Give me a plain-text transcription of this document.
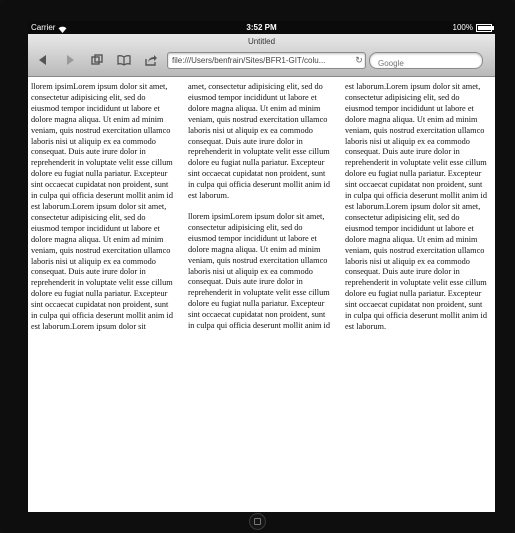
Carrier	3:52 PM	100%
Untitled
file:///Users/benfrain/Sites/BFR1-GIT/colu...	↻
Google

llorem ipsimLorem ipsum dolor sit amet, consectetur adipisicing elit, sed do eiusmod tempor incididunt ut labore et dolore magna aliqua. Ut enim ad minim veniam, quis nostrud exercitation ullamco laboris nisi ut aliquip ex ea commodo consequat. Duis aute irure dolor in reprehenderit in voluptate velit esse cillum dolore eu fugiat nulla pariatur. Excepteur sint occaecat cupidatat non proident, sunt in culpa qui officia deserunt mollit anim id est laborum.Lorem ipsum dolor sit amet, consectetur adipisicing elit, sed do eiusmod tempor incididunt ut labore et dolore magna aliqua. Ut enim ad minim veniam, quis nostrud exercitation ullamco laboris nisi ut aliquip ex ea commodo consequat. Duis aute irure dolor in reprehenderit in voluptate velit esse cillum dolore eu fugiat nulla pariatur. Excepteur sint occaecat cupidatat non proident, sunt in culpa qui officia deserunt mollit anim id est laborum.Lorem ipsum dolor sit

amet, consectetur adipisicing elit, sed do eiusmod tempor incididunt ut labore et dolore magna aliqua. Ut enim ad minim veniam, quis nostrud exercitation ullamco laboris nisi ut aliquip ex ea commodo consequat. Duis aute irure dolor in reprehenderit in voluptate velit esse cillum dolore eu fugiat nulla pariatur. Excepteur sint occaecat cupidatat non proident, sunt in culpa qui officia deserunt mollit anim id est laborum.

llorem ipsimLorem ipsum dolor sit amet, consectetur adipisicing elit, sed do eiusmod tempor incididunt ut labore et dolore magna aliqua. Ut enim ad minim veniam, quis nostrud exercitation ullamco laboris nisi ut aliquip ex ea commodo consequat. Duis aute irure dolor in reprehenderit in voluptate velit esse cillum dolore eu fugiat nulla pariatur. Excepteur sint occaecat cupidatat non proident, sunt in culpa qui officia deserunt mollit anim id

est laborum.Lorem ipsum dolor sit amet, consectetur adipisicing elit, sed do eiusmod tempor incididunt ut labore et dolore magna aliqua. Ut enim ad minim veniam, quis nostrud exercitation ullamco laboris nisi ut aliquip ex ea commodo consequat. Duis aute irure dolor in reprehenderit in voluptate velit esse cillum dolore eu fugiat nulla pariatur. Excepteur sint occaecat cupidatat non proident, sunt in culpa qui officia deserunt mollit anim id est laborum.Lorem ipsum dolor sit amet, consectetur adipisicing elit, sed do eiusmod tempor incididunt ut labore et dolore magna aliqua. Ut enim ad minim veniam, quis nostrud exercitation ullamco laboris nisi ut aliquip ex ea commodo consequat. Duis aute irure dolor in reprehenderit in voluptate velit esse cillum dolore eu fugiat nulla pariatur. Excepteur sint occaecat cupidatat non proident, sunt in culpa qui officia deserunt mollit anim id est laborum.
